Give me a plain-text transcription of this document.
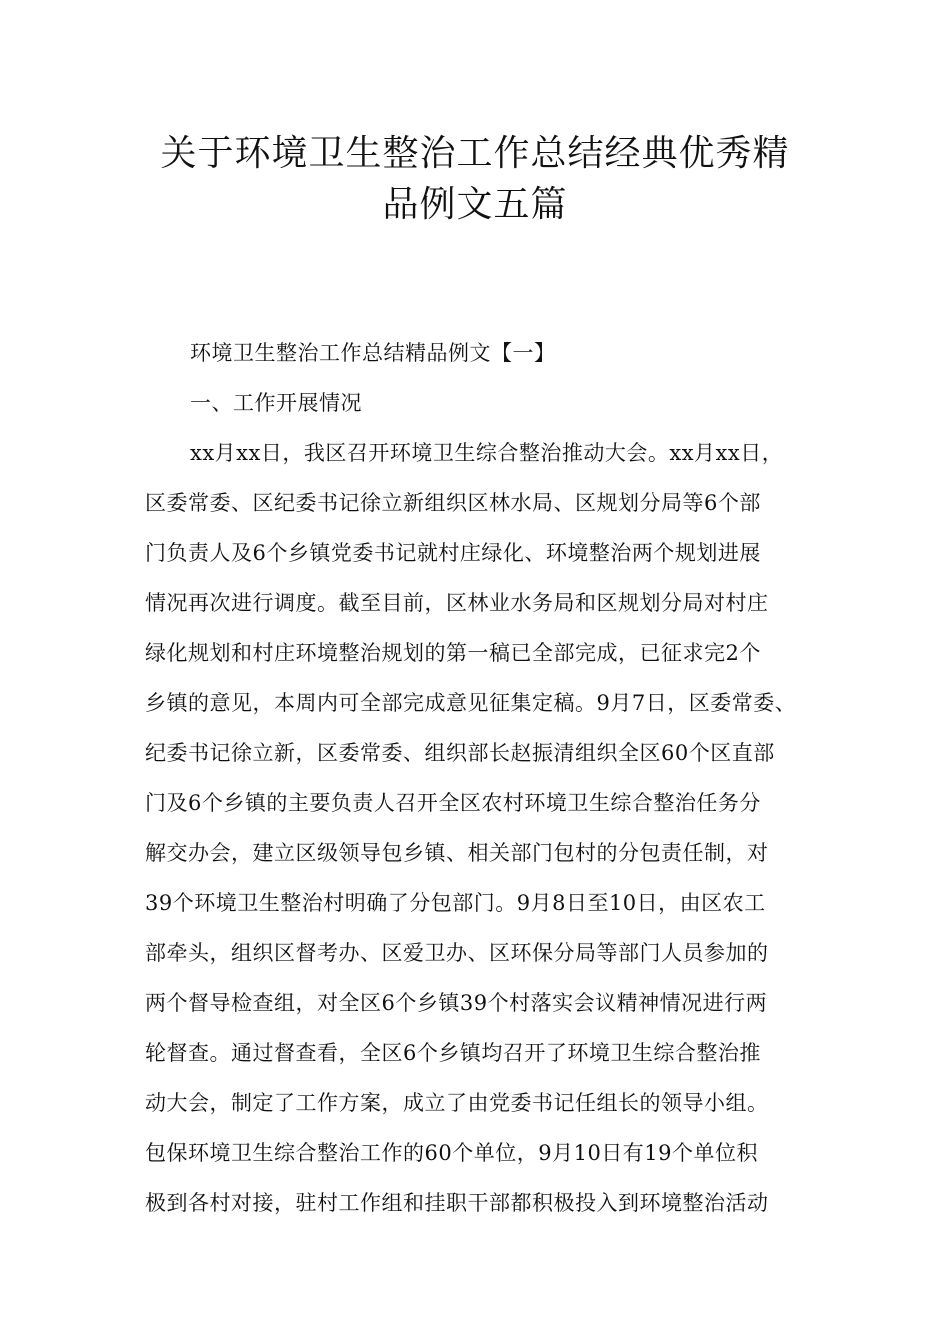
关于环境卫生整治工作总结经典优秀精
品例文五篇
环境卫生整治工作总结精品例文【一】
一、工作开展情况
xx月xx日，我区召开环境卫生综合整治推动大会。xx月xx日，
区委常委、区纪委书记徐立新组织区林水局、区规划分局等6个部
门负责人及6个乡镇党委书记就村庄绿化、环境整治两个规划进展
情况再次进行调度。截至目前，区林业水务局和区规划分局对村庄
绿化规划和村庄环境整治规划的第一稿已全部完成，已征求完2个
乡镇的意见，本周内可全部完成意见征集定稿。9月7日，区委常委、
纪委书记徐立新，区委常委、组织部长赵振清组织全区60个区直部
门及6个乡镇的主要负责人召开全区农村环境卫生综合整治任务分
解交办会，建立区级领导包乡镇、相关部门包村的分包责任制，对
39个环境卫生整治村明确了分包部门。9月8日至10日，由区农工
部牵头，组织区督考办、区爱卫办、区环保分局等部门人员参加的
两个督导检查组，对全区6个乡镇39个村落实会议精神情况进行两
轮督查。通过督查看，全区6个乡镇均召开了环境卫生综合整治推
动大会，制定了工作方案，成立了由党委书记任组长的领导小组。
包保环境卫生综合整治工作的60个单位，9月10日有19个单位积
极到各村对接，驻村工作组和挂职干部都积极投入到环境整治活动
